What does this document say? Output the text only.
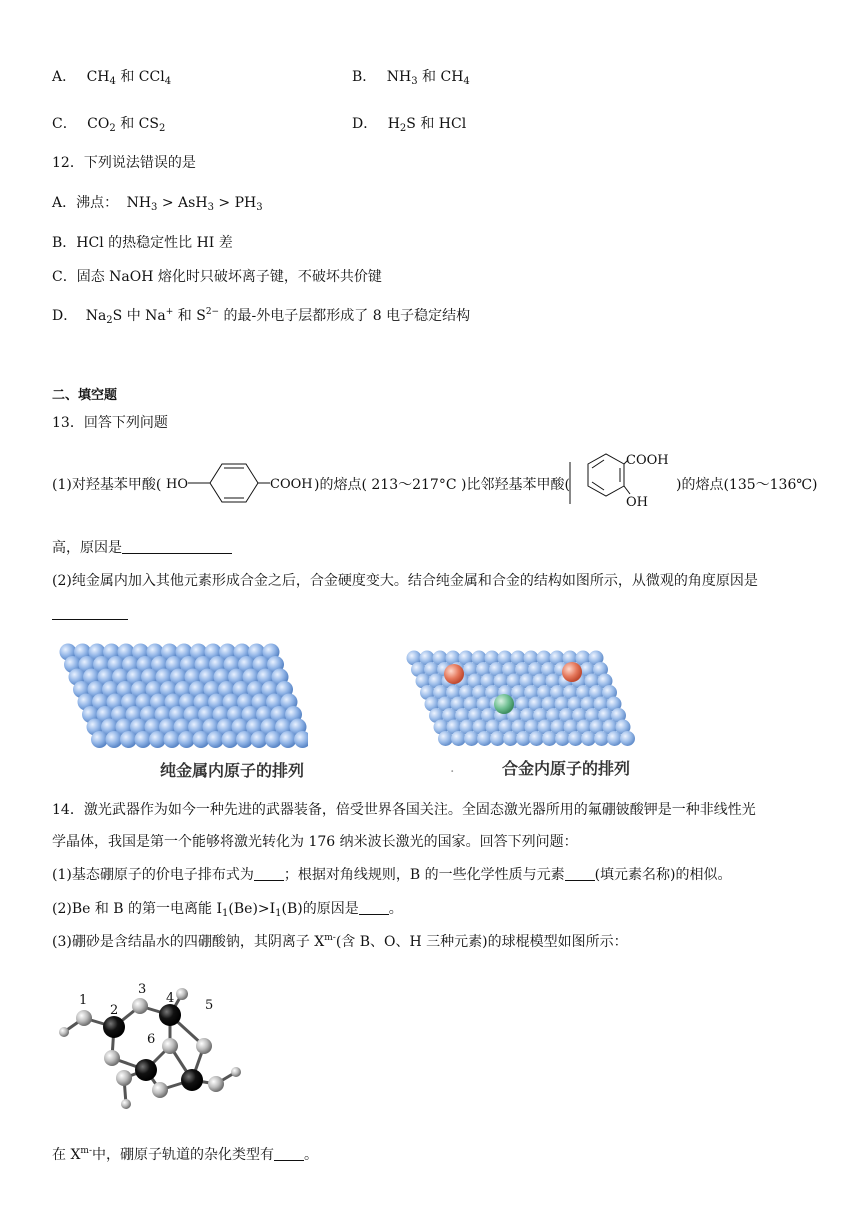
A． $CH_4$ 和 CCl$_4$	B． $NH_3$ 和 $CH_4$
C． $CO_2$ 和 $CS_2$	D． $H_2S$ 和 HCl
12．下列说法错误的是
A．沸点： $NH_3 > AsH_3 > PH_3$
B．HCl 的热稳定性比 HI 差
C．固态 NaOH 熔化时只破坏离子键，不破坏共价键
D． $Na_2S$ 中 Na+ 和 $S^{2-}$ 的最-外电子层都形成了 8 电子稳定结构
二、填空题
13．回答下列问题
(1)对羟基苯甲酸( HO	COOH )的熔点( 213～217°C )比邻羟基苯甲酸(
COOH
OH
)的熔点(135～136℃)
高，原因是
(2)纯金属内加入其他元素形成合金之后，合金硬度变大。结合纯金属和合金的结构如图所示，从微观的角度原因是
纯金属内原子的排列	.	合金内原子的排列
14．激光武器作为如今一种先进的武器装备，倍受世界各国关注。全固态激光器所用的氟硼铍酸钾是一种非线性光
学晶体，我国是第一个能够将激光转化为 176 纳米波长激光的国家。回答下列问题：
(1)基态硼原子的价电子排布式为 ；根据对角线规则，B 的一些化学性质与元素 (填元素名称)的相似。
(2)Be 和 B 的第一电离能 $I_1(Be)>I_1(B)$的原因是 。
(3)硼砂是含结晶水的四硼酸钠，其阴离子 $X^{m-}$(含 B、O、H 三种元素)的球棍模型如图所示：
1
2
3
4 5
6
在 $X^{m-}$中，硼原子轨道的杂化类型有 。
